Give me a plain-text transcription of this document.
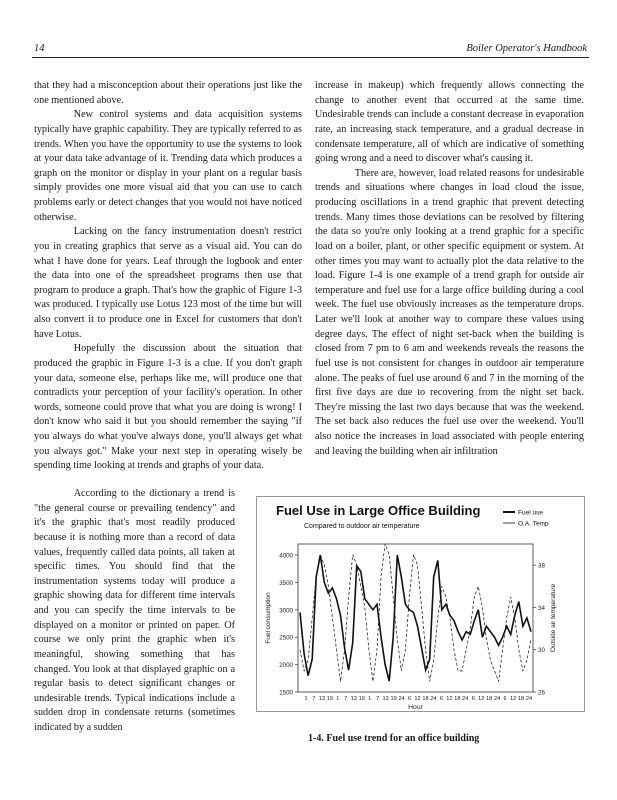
14	Boiler Operator's Handbook

that they had a misconception about their operations just like the one mentioned above.

New control systems and data acquisition systems typically have graphic capability. They are typically referred to as trends. When you have the opportunity to use the systems to look at your data take advantage of it. Trending data which produces a graph on the monitor or display in your plant on a regular basis simply provides one more visual aid that you can use to catch problems early or detect changes that you would not have noticed otherwise.

Lacking on the fancy instrumentation doesn't restrict you in creating graphics that serve as a visual aid. You can do what I have done for years. Leaf through the logbook and enter the data into one of the spreadsheet programs then use that program to produce a graph. That's how the graphic of Figure 1-3 was produced. I typically use Lotus 123 most of the time but will also convert it to produce one in Excel for customers that don't have Lotus.

Hopefully the discussion about the situation that produced the graphic in Figure 1-3 is a clue. If you don't graph your data, someone else, perhaps like me, will produce one that contradicts your perception of your facility's operation. In other words, someone could prove that what you are doing is wrong! I don't know who said it but you should remember the saying "if you always do what you've always done, you'll always get what you always got." Make your next step in operating wisely be spending time looking at trends and graphs of your data.

According to the dictionary a trend is "the general course or prevailing tendency" and it's the graphic that's most readily produced because it is nothing more than a record of data values, frequently called data points, all taken at specific times. You should find that the instrumentation systems today will produce a graphic showing data for different time intervals and you can specify the time intervals to be displayed on a monitor or printed on paper. Of course we only print the graphic when it's meaningful, showing something that has changed. You look at that displayed graphic on a regular basis to detect significant changes or undesirable trends. Typical indications include a sudden drop in condensate returns (sometimes indicated by a sudden

increase in makeup) which frequently allows connecting the change to another event that occurred at the same time. Undesirable trends can include a constant decrease in evaporation rate, an increasing stack temperature, and a gradual decrease in condensate temperature, all of which are indicative of something going wrong and a need to discover what's causing it.

There are, however, load related reasons for undesirable trends and situations where changes in load cloud the issue, producing oscillations in a trend graphic that prevent detecting trends. Many times those deviations can be resolved by filtering the data so you're only looking at a trend graphic for a specific load on a boiler, plant, or other specific equipment or system. At other times you may want to actually plot the data relative to the load. Figure 1-4 is one example of a trend graph for outside air temperature and fuel use for a large office building during a cool week. The fuel use obviously increases as the temperature drops. Later we'll look at another way to compare these values using degree days. The effect of night set-back when the building is closed from 7 pm to 6 am and weekends reveals the reasons the fuel use is not consistent for changes in outdoor air temperature alone. The peaks of fuel use around 6 and 7 in the morning of the first five days are due to recovering from the night set back. They're missing the last two days because that was the weekend. The set back also reduces the fuel use over the weekend. You'll also notice the increases in load associated with people entering and leaving the building when air infiltration

Fuel Use in Large Office Building
Compared to outdoor air temperature
Fuel use
O.A. Temp
1500
2000
2500
3000
3500
4000
26
30
34
38
Fuel consumption	Outside air temperature
Hour
1 7 13 19 1 7 13 19 1 7 13 19 24 6 12 18 24 6 12 18 24 6 12 18 24 6 12 18 24
1-4. Fuel use trend for an office building
